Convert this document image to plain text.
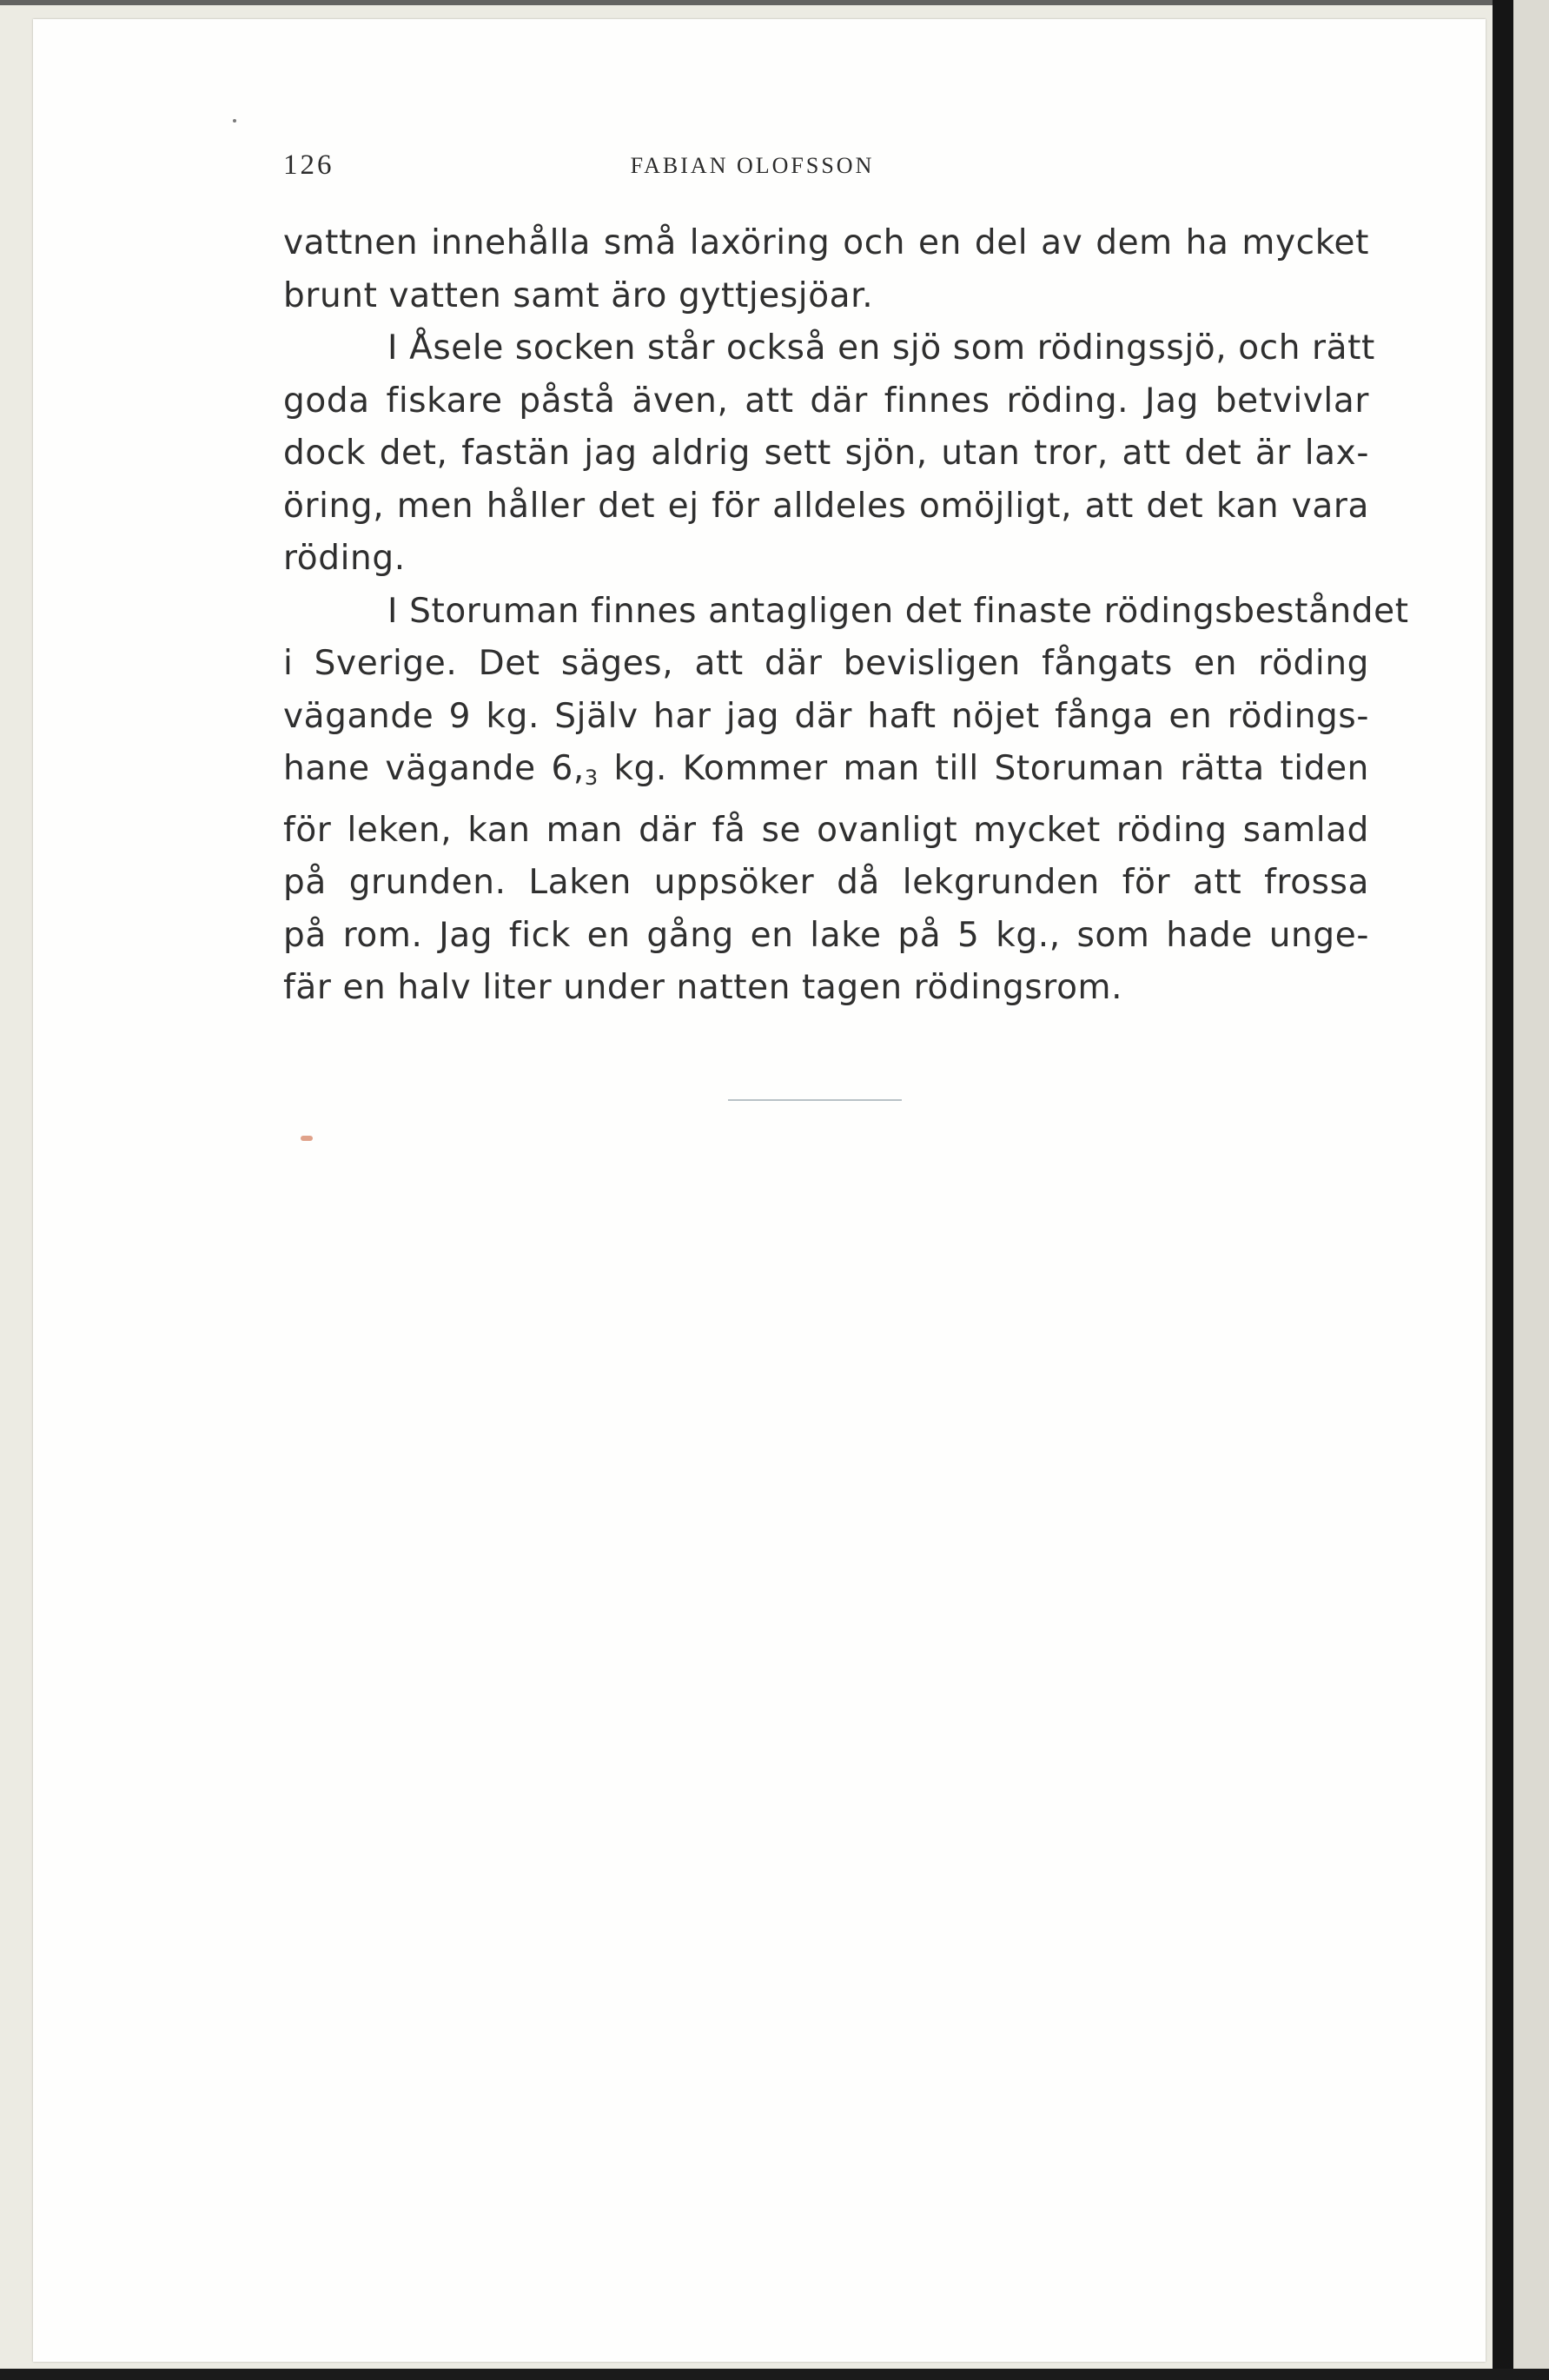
126	FABIAN OLOFSSON
vattnen innehålla små laxöring och en del av dem ha mycket
brunt vatten samt äro gyttjesjöar.
I Åsele socken står också en sjö som rödingssjö, och rätt
goda fiskare påstå även, att där finnes röding. Jag betvivlar
dock det, fastän jag aldrig sett sjön, utan tror, att det är lax-
öring, men håller det ej för alldeles omöjligt, att det kan vara
röding.
I Storuman finnes antagligen det finaste rödingsbeståndet
i Sverige. Det säges, att där bevisligen fångats en röding
vägande 9 kg. Själv har jag där haft nöjet fånga en rödings-
hane vägande $6,_3$ kg. Kommer man till Storuman rätta tiden
för leken, kan man där få se ovanligt mycket röding samlad
på grunden. Laken uppsöker då lekgrunden för att frossa
på rom. Jag fick en gång en lake på 5 kg., som hade unge-
fär en halv liter under natten tagen rödingsrom.
